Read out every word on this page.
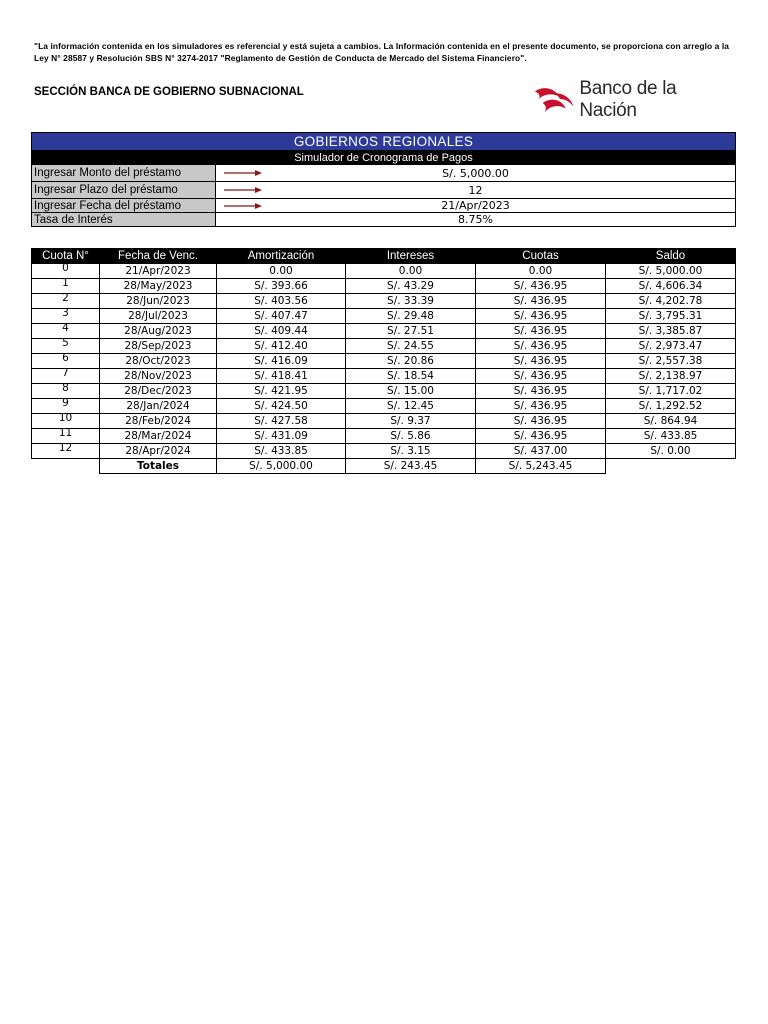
"La información contenida en los simuladores es referencial y está sujeta a cambios. La Información contenida en el presente documento, se proporciona con arreglo a la Ley N° 28587 y Resolución SBS N° 3274-2017 "Reglamento de Gestión de Conducta de Mercado del Sistema Financiero".
SECCIÓN BANCA DE GOBIERNO SUBNACIONAL	Banco de la Nación
GOBIERNOS REGIONALES	
Simulador de Cronograma de Pagos	
Ingresar Monto del préstamo	S/. 5,000.00

Ingresar Plazo del préstamo	12

Ingresar Fecha del préstamo	21/Apr/2023

Tasa de Interés	8.75%
Cuota N°	Fecha de Venc.	Amortización	Intereses	Cuotas	Saldo
0	21/Apr/2023	0.00	0.00	0.00	S/. 5,000.00
1	28/May/2023	S/. 393.66	S/. 43.29	S/. 436.95	S/. 4,606.34
2	28/Jun/2023	S/. 403.56	S/. 33.39	S/. 436.95	S/. 4,202.78
3	28/Jul/2023	S/. 407.47	S/. 29.48	S/. 436.95	S/. 3,795.31
4	28/Aug/2023	S/. 409.44	S/. 27.51	S/. 436.95	S/. 3,385.87
5	28/Sep/2023	S/. 412.40	S/. 24.55	S/. 436.95	S/. 2,973.47
6	28/Oct/2023	S/. 416.09	S/. 20.86	S/. 436.95	S/. 2,557.38
7	28/Nov/2023	S/. 418.41	S/. 18.54	S/. 436.95	S/. 2,138.97
8	28/Dec/2023	S/. 421.95	S/. 15.00	S/. 436.95	S/. 1,717.02
9	28/Jan/2024	S/. 424.50	S/. 12.45	S/. 436.95	S/. 1,292.52
10	28/Feb/2024	S/. 427.58	S/. 9.37	S/. 436.95	S/. 864.94
11	28/Mar/2024	S/. 431.09	S/. 5.86	S/. 436.95	S/. 433.85
12	28/Apr/2024	S/. 433.85	S/. 3.15	S/. 437.00	S/. 0.00
	Totales	S/. 5,000.00	S/. 243.45	S/. 5,243.45	
